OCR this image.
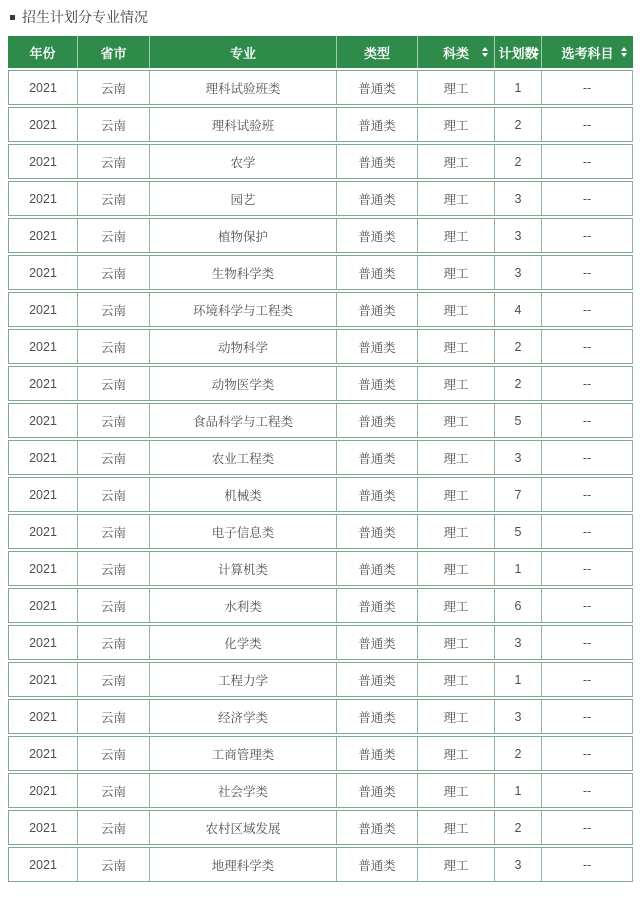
招生计划分专业情况
年份	省市	专业	类型	科类	计划数	选考科目

2021	云南	理科试验班类	普通类	理工	1	--
2021	云南	理科试验班	普通类	理工	2	--
2021	云南	农学	普通类	理工	2	--
2021	云南	园艺	普通类	理工	3	--
2021	云南	植物保护	普通类	理工	3	--
2021	云南	生物科学类	普通类	理工	3	--
2021	云南	环境科学与工程类	普通类	理工	4	--
2021	云南	动物科学	普通类	理工	2	--
2021	云南	动物医学类	普通类	理工	2	--
2021	云南	食品科学与工程类	普通类	理工	5	--
2021	云南	农业工程类	普通类	理工	3	--
2021	云南	机械类	普通类	理工	7	--
2021	云南	电子信息类	普通类	理工	5	--
2021	云南	计算机类	普通类	理工	1	--
2021	云南	水利类	普通类	理工	6	--
2021	云南	化学类	普通类	理工	3	--
2021	云南	工程力学	普通类	理工	1	--
2021	云南	经济学类	普通类	理工	3	--
2021	云南	工商管理类	普通类	理工	2	--
2021	云南	社会学类	普通类	理工	1	--
2021	云南	农村区域发展	普通类	理工	2	--
2021	云南	地理科学类	普通类	理工	3	--
